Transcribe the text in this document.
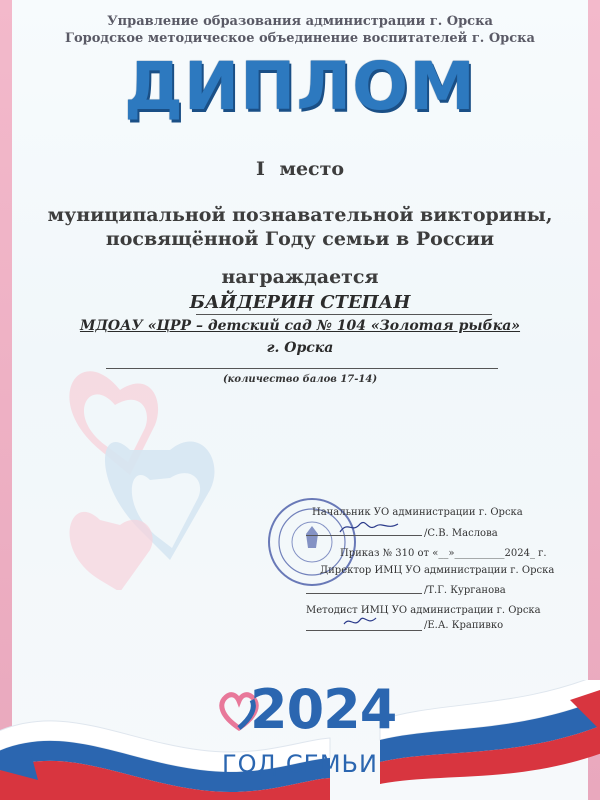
Управление образования администрации г. Орска
Городское методическое объединение воспитателей г. Орска
ДИПЛОМ
I место
муниципальной познавательной викторины,
посвящённой Году семьи в России
награждается
БАЙДЕРИН СТЕПАН
МДОАУ «ЦРР – детский сад № 104 «Золотая рыбка»
г. Орска
(количество балов 17-14)
Начальник УО администрации г. Орска
/С.В. Маслова
Приказ № 310 от «__»__________2024_ г.
Директор ИМЦ УО администрации г. Орска
/Т.Г. Курганова
Методист ИМЦ УО администрации г. Орска
/Е.А. Крапивко
2024
ГОД СЕМЬИ
